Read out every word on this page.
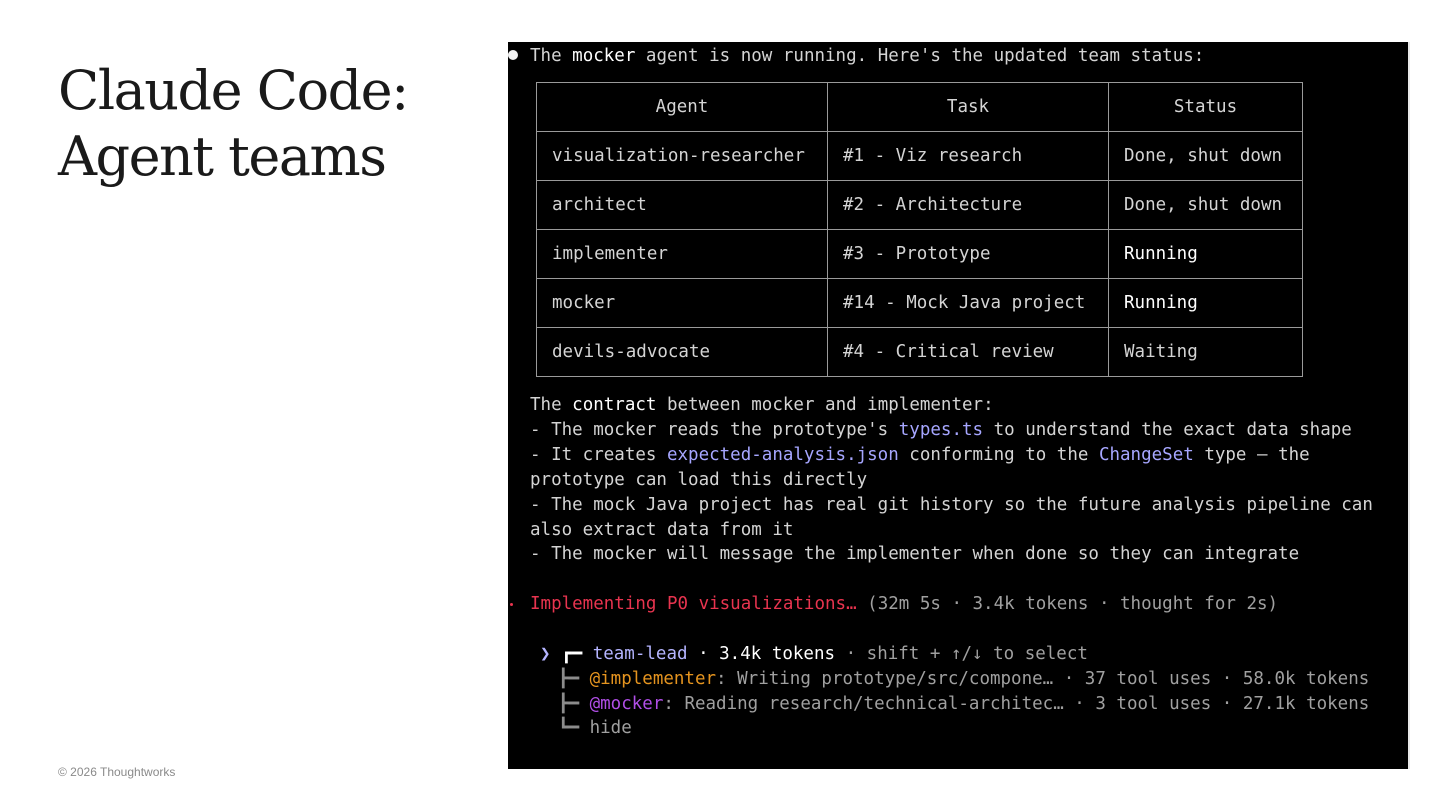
Claude Code:
Agent teams
© 2026 Thoughtworks
The mocker agent is now running. Here's the updated team status:
Agent	Task	Status
visualization-researcher	#1 - Viz research	Done, shut down
architect	#2 - Architecture	Done, shut down
implementer	#3 - Prototype	Running
mocker	#14 - Mock Java project	Running
devils-advocate	#4 - Critical review	Waiting
The contract between mocker and implementer:
- The mocker reads the prototype's types.ts to understand the exact data shape
- It creates expected-analysis.json conforming to the ChangeSet type — the
prototype can load this directly
- The mock Java project has real git history so the future analysis pipeline can
also extract data from it
- The mocker will message the implementer when done so they can integrate
Implementing P0 visualizations… (32m 5s · 3.4k tokens · thought for 2s)
❯ ┏━ team-lead · 3.4k tokens · shift + ↑/↓ to select
┣━ @implementer: Writing prototype/src/compone… · 37 tool uses · 58.0k tokens
┣━ @mocker: Reading research/technical-architec… · 3 tool uses · 27.1k tokens
┗━ hide
